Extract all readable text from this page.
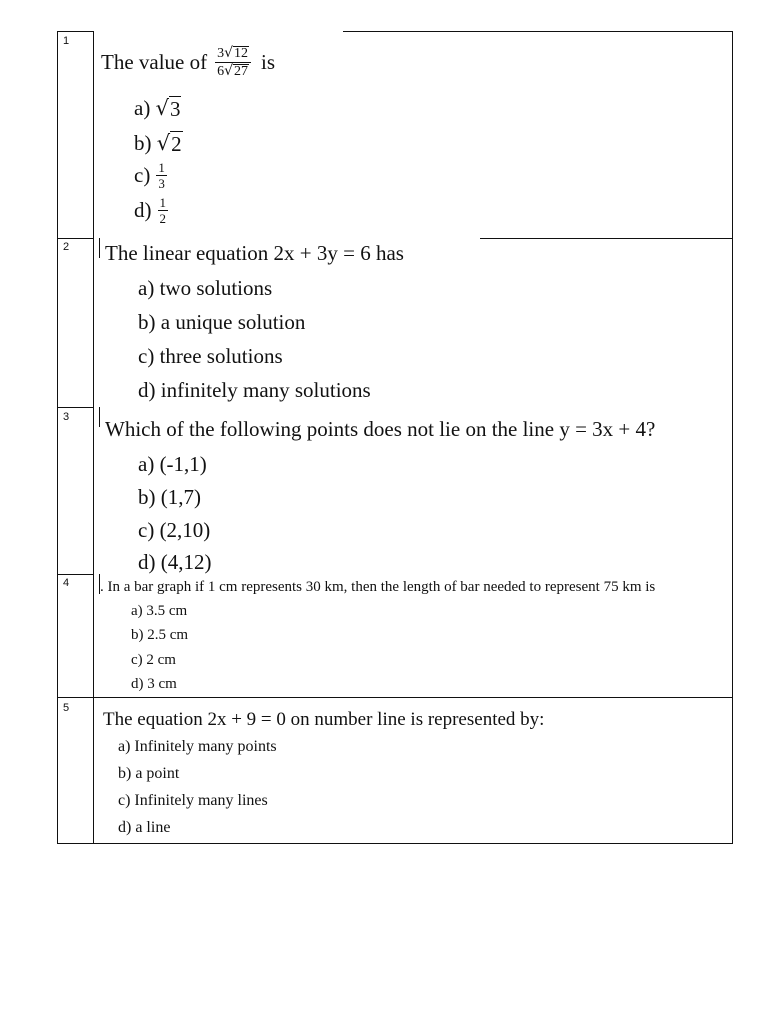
1
The value of $\frac{3 √ 12}{6 √ 27}$ is
a) √ 3
b) √ 2
$c) \frac{1}{3}$
$d) \frac{1}{2}$
2 The linear equation 2x + 3y = 6 has
a) two solutions
b) a unique solution
c) three solutions
d) infinitely many solutions
3 Which of the following points does not lie on the line y = 3x + 4?
a) (-1,1)
b) (1,7)
c) (2,10)
d) (4,12)
4 . In a bar graph if 1 cm represents 30 km, then the length of bar needed to represent 75 km is
a) 3.5 cm
b) 2.5 cm
c) 2 cm
d) 3 cm
5
The equation 2x + 9 = 0 on number line is represented by:
a) Infinitely many points
b) a point
c) Infinitely many lines
d) a line
